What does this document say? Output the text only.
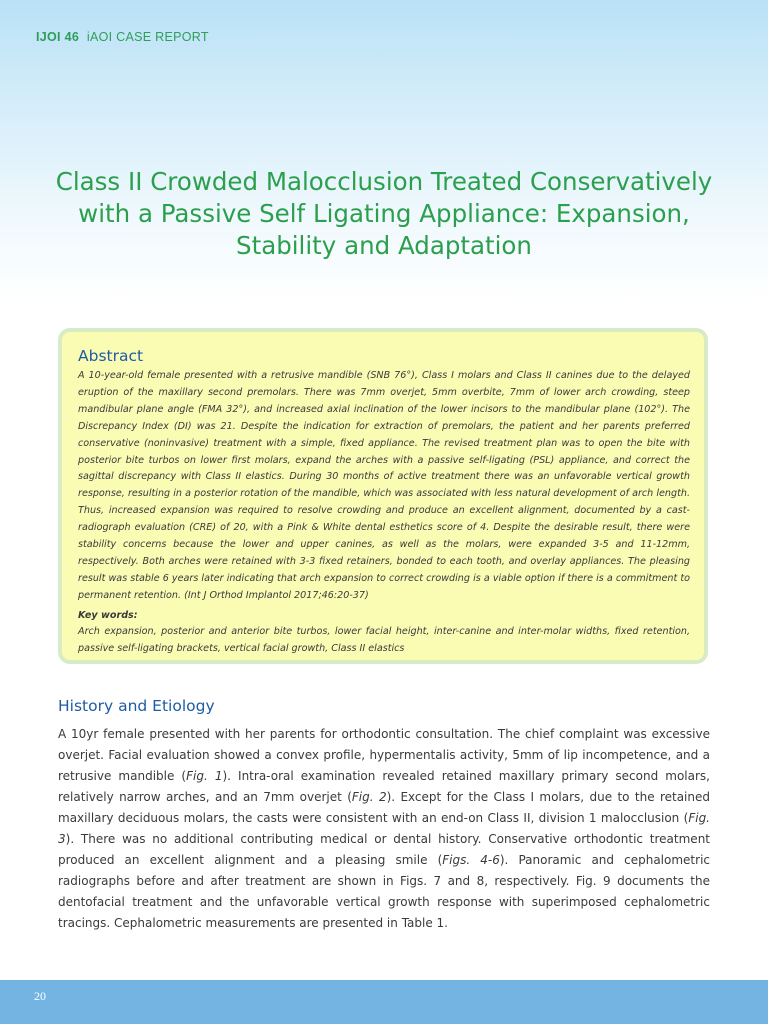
IJOI 46 iAOI CASE REPORT
Class II Crowded Malocclusion Treated Conservatively with a Passive Self Ligating Appliance: Expansion, Stability and Adaptation
Abstract

A 10-year-old female presented with a retrusive mandible (SNB 76°), Class I molars and Class II canines due to the delayed eruption of the maxillary second premolars. There was 7mm overjet, 5mm overbite, 7mm of lower arch crowding, steep mandibular plane angle (FMA 32°), and increased axial inclination of the lower incisors to the mandibular plane (102°). The Discrepancy Index (DI) was 21. Despite the indication for extraction of premolars, the patient and her parents preferred conservative (noninvasive) treatment with a simple, fixed appliance. The revised treatment plan was to open the bite with posterior bite turbos on lower first molars, expand the arches with a passive self-ligating (PSL) appliance, and correct the sagittal discrepancy with Class II elastics. During 30 months of active treatment there was an unfavorable vertical growth response, resulting in a posterior rotation of the mandible, which was associated with less natural development of arch length. Thus, increased expansion was required to resolve crowding and produce an excellent alignment, documented by a cast-radiograph evaluation (CRE) of 20, with a Pink & White dental esthetics score of 4. Despite the desirable result, there were stability concerns because the lower and upper canines, as well as the molars, were expanded 3-5 and 11-12mm, respectively. Both arches were retained with 3-3 fixed retainers, bonded to each tooth, and overlay appliances. The pleasing result was stable 6 years later indicating that arch expansion to correct crowding is a viable option if there is a commitment to permanent retention. (Int J Orthod Implantol 2017;46:20-37)

Key words:

Arch expansion, posterior and anterior bite turbos, lower facial height, inter-canine and inter-molar widths, fixed retention, passive self-ligating brackets, vertical facial growth, Class II elastics

History and Etiology

A 10yr female presented with her parents for orthodontic consultation. The chief complaint was excessive overjet. Facial evaluation showed a convex profile, hypermentalis activity, 5mm of lip incompetence, and a retrusive mandible (Fig. 1). Intra-oral examination revealed retained maxillary primary second molars, relatively narrow arches, and an 7mm overjet (Fig. 2). Except for the Class I molars, due to the retained maxillary deciduous molars, the casts were consistent with an end-on Class II, division 1 malocclusion (Fig. 3). There was no additional contributing medical or dental history. Conservative orthodontic treatment produced an excellent alignment and a pleasing smile (Figs. 4-6). Panoramic and cephalometric radiographs before and after treatment are shown in Figs. 7 and 8, respectively. Fig. 9 documents the dentofacial treatment and the unfavorable vertical growth response with superimposed cephalometric tracings. Cephalometric measurements are presented in Table 1.

20
